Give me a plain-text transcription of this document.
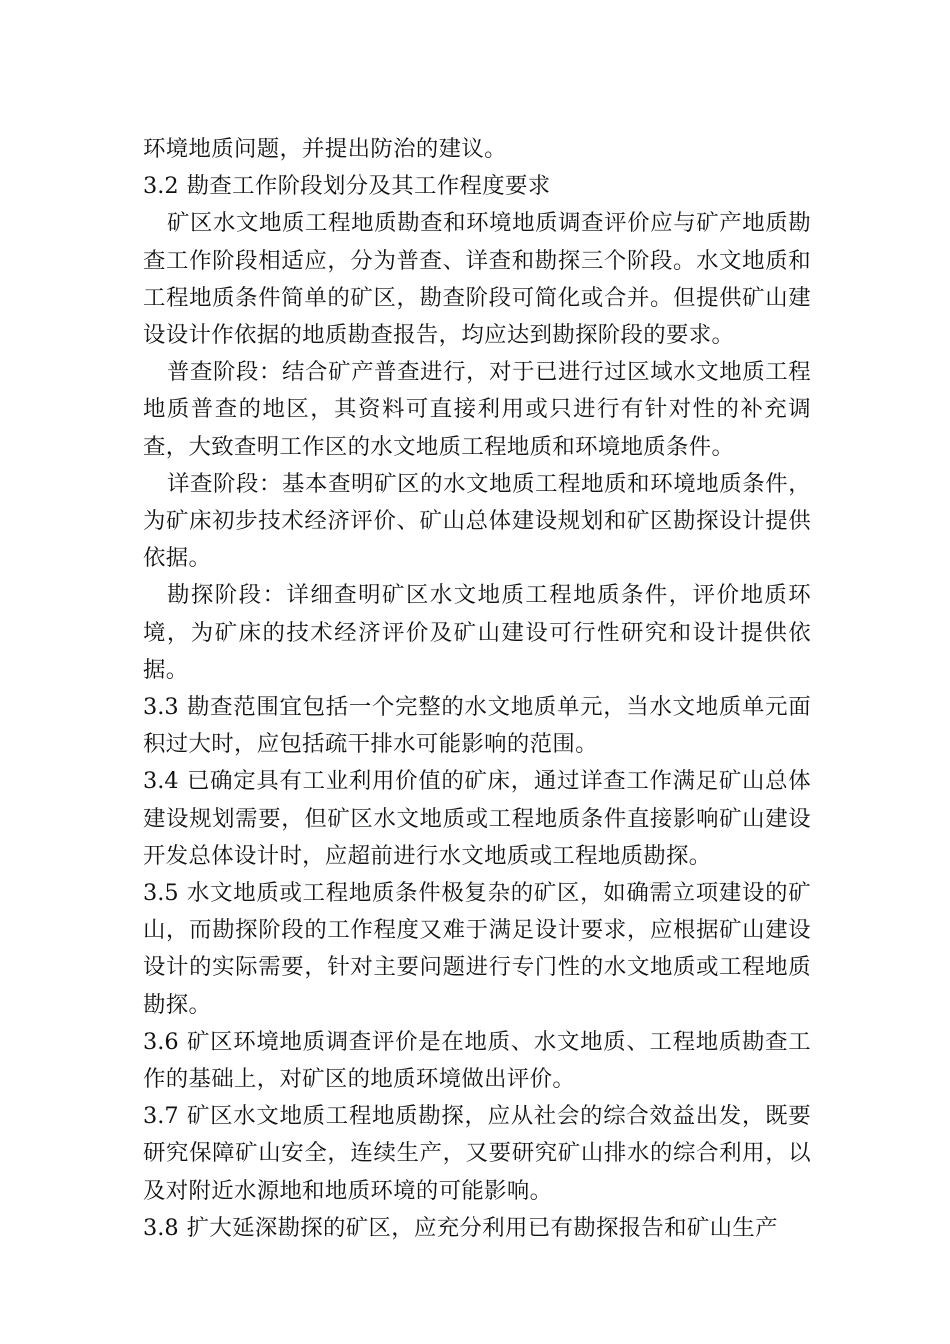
环境地质问题，并提出防治的建议。

3.2 勘查工作阶段划分及其工作程度要求

矿区水文地质工程地质勘查和环境地质调查评价应与矿产地质勘查工作阶段相适应，分为普查、详查和勘探三个阶段。水文地质和工程地质条件简单的矿区，勘查阶段可简化或合并。但提供矿山建设设计作依据的地质勘查报告，均应达到勘探阶段的要求。

普查阶段：结合矿产普查进行，对于已进行过区域水文地质工程地质普查的地区，其资料可直接利用或只进行有针对性的补充调查，大致查明工作区的水文地质工程地质和环境地质条件。

详查阶段：基本查明矿区的水文地质工程地质和环境地质条件，为矿床初步技术经济评价、矿山总体建设规划和矿区勘探设计提供依据。

勘探阶段：详细查明矿区水文地质工程地质条件，评价地质环境，为矿床的技术经济评价及矿山建设可行性研究和设计提供依据。

3.3 勘查范围宜包括一个完整的水文地质单元，当水文地质单元面积过大时，应包括疏干排水可能影响的范围。

3.4 已确定具有工业利用价值的矿床，通过详查工作满足矿山总体建设规划需要，但矿区水文地质或工程地质条件直接影响矿山建设开发总体设计时，应超前进行水文地质或工程地质勘探。

3.5 水文地质或工程地质条件极复杂的矿区，如确需立项建设的矿山，而勘探阶段的工作程度又难于满足设计要求，应根据矿山建设设计的实际需要，针对主要问题进行专门性的水文地质或工程地质勘探。

3.6 矿区环境地质调查评价是在地质、水文地质、工程地质勘查工作的基础上，对矿区的地质环境做出评价。

3.7 矿区水文地质工程地质勘探，应从社会的综合效益出发，既要研究保障矿山安全，连续生产，又要研究矿山排水的综合利用，以及对附近水源地和地质环境的可能影响。

3.8 扩大延深勘探的矿区，应充分利用已有勘探报告和矿山生产
